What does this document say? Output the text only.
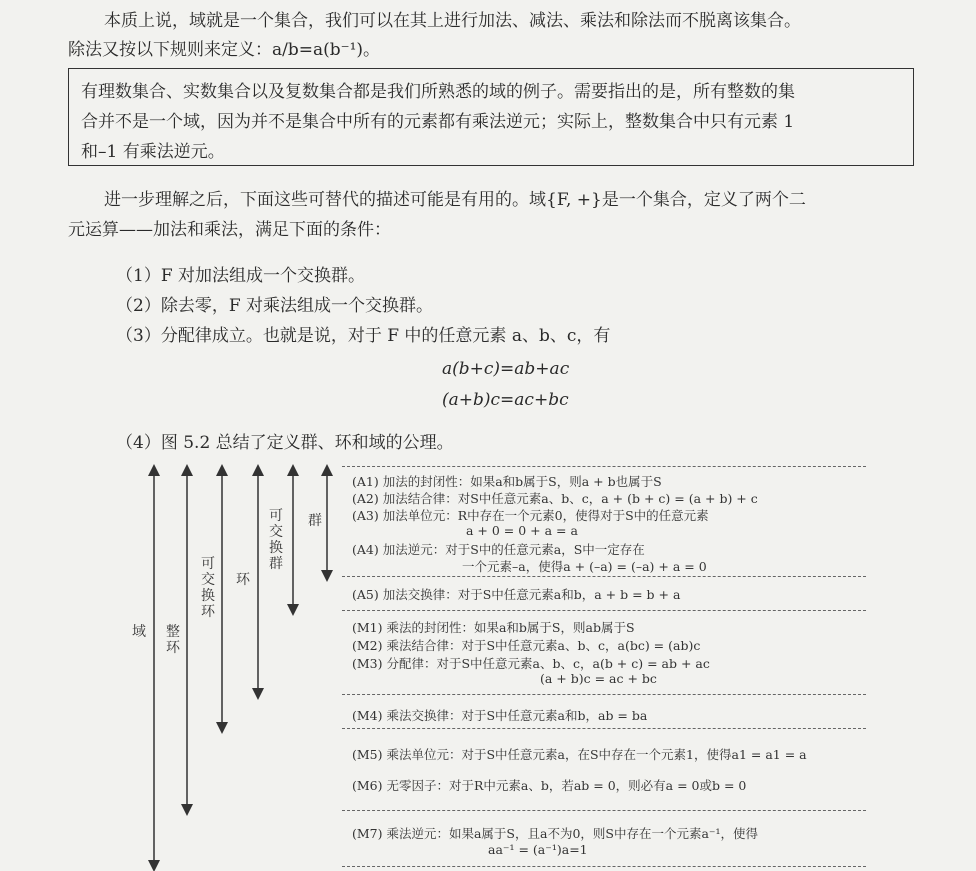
本质上说，域就是一个集合，我们可以在其上进行加法、减法、乘法和除法而不脱离该集合。
除法又按以下规则来定义：a/b=a(b⁻¹)。
有理数集合、实数集合以及复数集合都是我们所熟悉的域的例子。需要指出的是，所有整数的集
合并不是一个域，因为并不是集合中所有的元素都有乘法逆元；实际上，整数集合中只有元素 1
和–1 有乘法逆元。
进一步理解之后，下面这些可替代的描述可能是有用的。域{F, +}是一个集合，定义了两个二
元运算——加法和乘法，满足下面的条件：
（1）F 对加法组成一个交换群。
（2）除去零，F 对乘法组成一个交换群。
（3）分配律成立。也就是说，对于 F 中的任意元素 a、b、c，有
a(b+c)=ab+ac
(a+b)c=ac+bc
（4）图 5.2 总结了定义群、环和域的公理。
域 整环
可交换环
环
可交换群
群
(A1) 加法的封闭性：如果a和b属于S，则a + b也属于S
(A2) 加法结合律：对S中任意元素a、b、c，a + (b + c) = (a + b) + c
(A3) 加法单位元：R中存在一个元素0，使得对于S中的任意元素
a + 0 = 0 + a = a
(A4) 加法逆元：对于S中的任意元素a，S中一定存在
一个元素–a，使得a + (–a) = (–a) + a = 0
(A5) 加法交换律：对于S中任意元素a和b，a + b = b + a
(M1) 乘法的封闭性：如果a和b属于S，则ab属于S
(M2) 乘法结合律：对于S中任意元素a、b、c，a(bc) = (ab)c
(M3) 分配律：对于S中任意元素a、b、c，a(b + c) = ab + ac
(a + b)c = ac + bc
(M4) 乘法交换律：对于S中任意元素a和b，ab = ba
(M5) 乘法单位元：对于S中任意元素a，在S中存在一个元素1，使得a1 = a1 = a
(M6) 无零因子：对于R中元素a、b，若ab = 0，则必有a = 0或b = 0
(M7) 乘法逆元：如果a属于S，且a不为0，则S中存在一个元素a⁻¹，使得
aa⁻¹ = (a⁻¹)a=1
